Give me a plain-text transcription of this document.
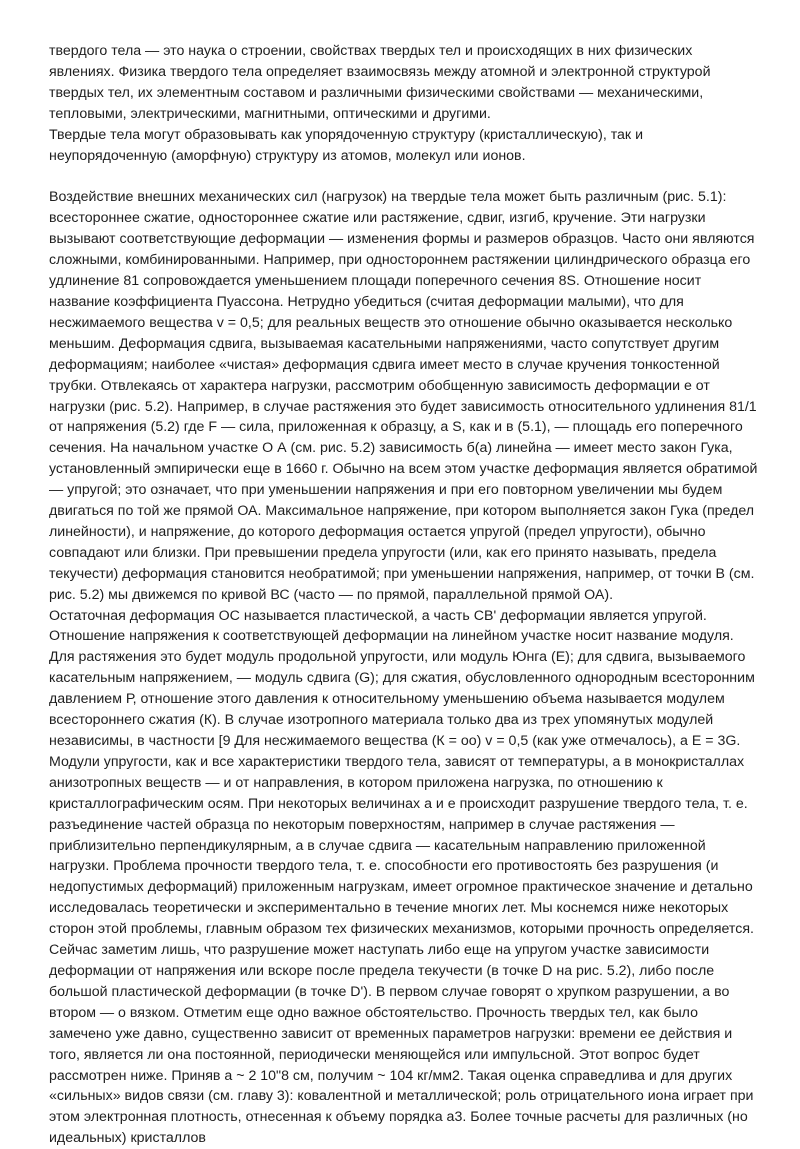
твердого тела — это наука о строении, свойствах твердых тел и происходящих в них физических явлениях. Физика твердого тела определяет взаимосвязь между атомной и электронной структурой твердых тел, их элементным составом и различными физическими свойствами — механическими, тепловыми, электрическими, магнитными, оптическими и другими.

Твердые тела могут образовывать как упорядоченную структуру (кристаллическую), так и неупорядоченную (аморфную) структуру из атомов, молекул или ионов.

Воздействие внешних механических сил (нагрузок) на твердые тела может быть различным (рис. 5.1): всестороннее сжатие, одностороннее сжатие или растяжение, сдвиг, изгиб, кручение. Эти нагрузки вызывают соответствующие деформации — изменения формы и размеров образцов. Часто они являются сложными, комбинированными. Например, при одностороннем растяжении цилиндрического образца его удлинение 81 сопровождается уменьшением площади поперечного сечения 8S. Отношение носит название коэффициента Пуассона. Нетрудно убедиться (считая деформации малыми), что для несжимаемого вещества v = 0,5; для реальных веществ это отношение обычно оказывается несколько меньшим. Деформация сдвига, вызываемая касательными напряжениями, часто сопутствует другим деформациям; наиболее «чистая» деформация сдвига имеет место в случае кручения тонкостенной трубки. Отвлекаясь от характера нагрузки, рассмотрим обобщенную зависимость деформации е от нагрузки (рис. 5.2). Например, в случае растяжения это будет зависимость относительного удлинения 81/1 от напряжения (5.2) где F — сила, приложенная к образцу, а S, как и в (5.1), — площадь его поперечного сечения. На начальном участке О А (см. рис. 5.2) зависимость б(а) линейна — имеет место закон Гука, установленный эмпирически еще в 1660 г. Обычно на всем этом участке деформация является обратимой — упругой; это означает, что при уменьшении напряжения и при его повторном увеличении мы будем двигаться по той же прямой ОА. Максимальное напряжение, при котором выполняется закон Гука (предел линейности), и напряжение, до которого деформация остается упругой (предел упругости), обычно совпадают или близки. При превышении предела упругости (или, как его принято называть, предела текучести) деформация становится необратимой; при уменьшении напряжения, например, от точки В (см. рис. 5.2) мы движемся по кривой ВС (часто — по прямой, параллельной прямой ОА).

Остаточная деформация ОС называется пластической, а часть СВ' деформации является упругой. Отношение напряжения к соответствующей деформации на линейном участке носит название модуля. Для растяжения это будет модуль продольной упругости, или модуль Юнга (Е); для сдвига, вызываемого касательным напряжением, — модуль сдвига (G); для сжатия, обусловленного однородным всесторонним давлением Р, отношение этого давления к относительному уменьшению объема называется модулем всестороннего сжатия (К). В случае изотропного материала только два из трех упомянутых модулей независимы, в частности [9 Для несжимаемого вещества (К = оо) v = 0,5 (как уже отмечалось), а Е = 3G. Модули упругости, как и все характеристики твердого тела, зависят от температуры, а в монокристаллах анизотропных веществ — и от направления, в котором приложена нагрузка, по отношению к кристаллографическим осям. При некоторых величинах а и е происходит разрушение твердого тела, т. е. разъединение частей образца по некоторым поверхностям, например в случае растяжения — приблизительно перпендикулярным, а в случае сдвига — касательным направлению приложенной нагрузки. Проблема прочности твердого тела, т. е. способности его противостоять без разрушения (и недопустимых деформаций) приложенным нагрузкам, имеет огромное практическое значение и детально исследовалась теоретически и экспериментально в течение многих лет. Мы коснемся ниже некоторых сторон этой проблемы, главным образом тех физических механизмов, которыми прочность определяется. Сейчас заметим лишь, что разрушение может наступать либо еще на упругом участке зависимости деформации от напряжения или вскоре после предела текучести (в точке D на рис. 5.2), либо после большой пластической деформации (в точке D'). В первом случае говорят о хрупком разрушении, а во втором — о вязком. Отметим еще одно важное обстоятельство. Прочность твердых тел, как было замечено уже давно, существенно зависит от временных параметров нагрузки: времени ее действия и того, является ли она постоянной, периодически меняющейся или импульсной. Этот вопрос будет рассмотрен ниже. Приняв а ~ 2 10"8 см, получим ~ 104 кг/мм2. Такая оценка справедлива и для других «сильных» видов связи (см. главу 3): ковалентной и металлической; роль отрицательного иона играет при этом электронная плотность, отнесенная к объему порядка а3. Более точные расчеты для различных (но идеальных) кристаллов
